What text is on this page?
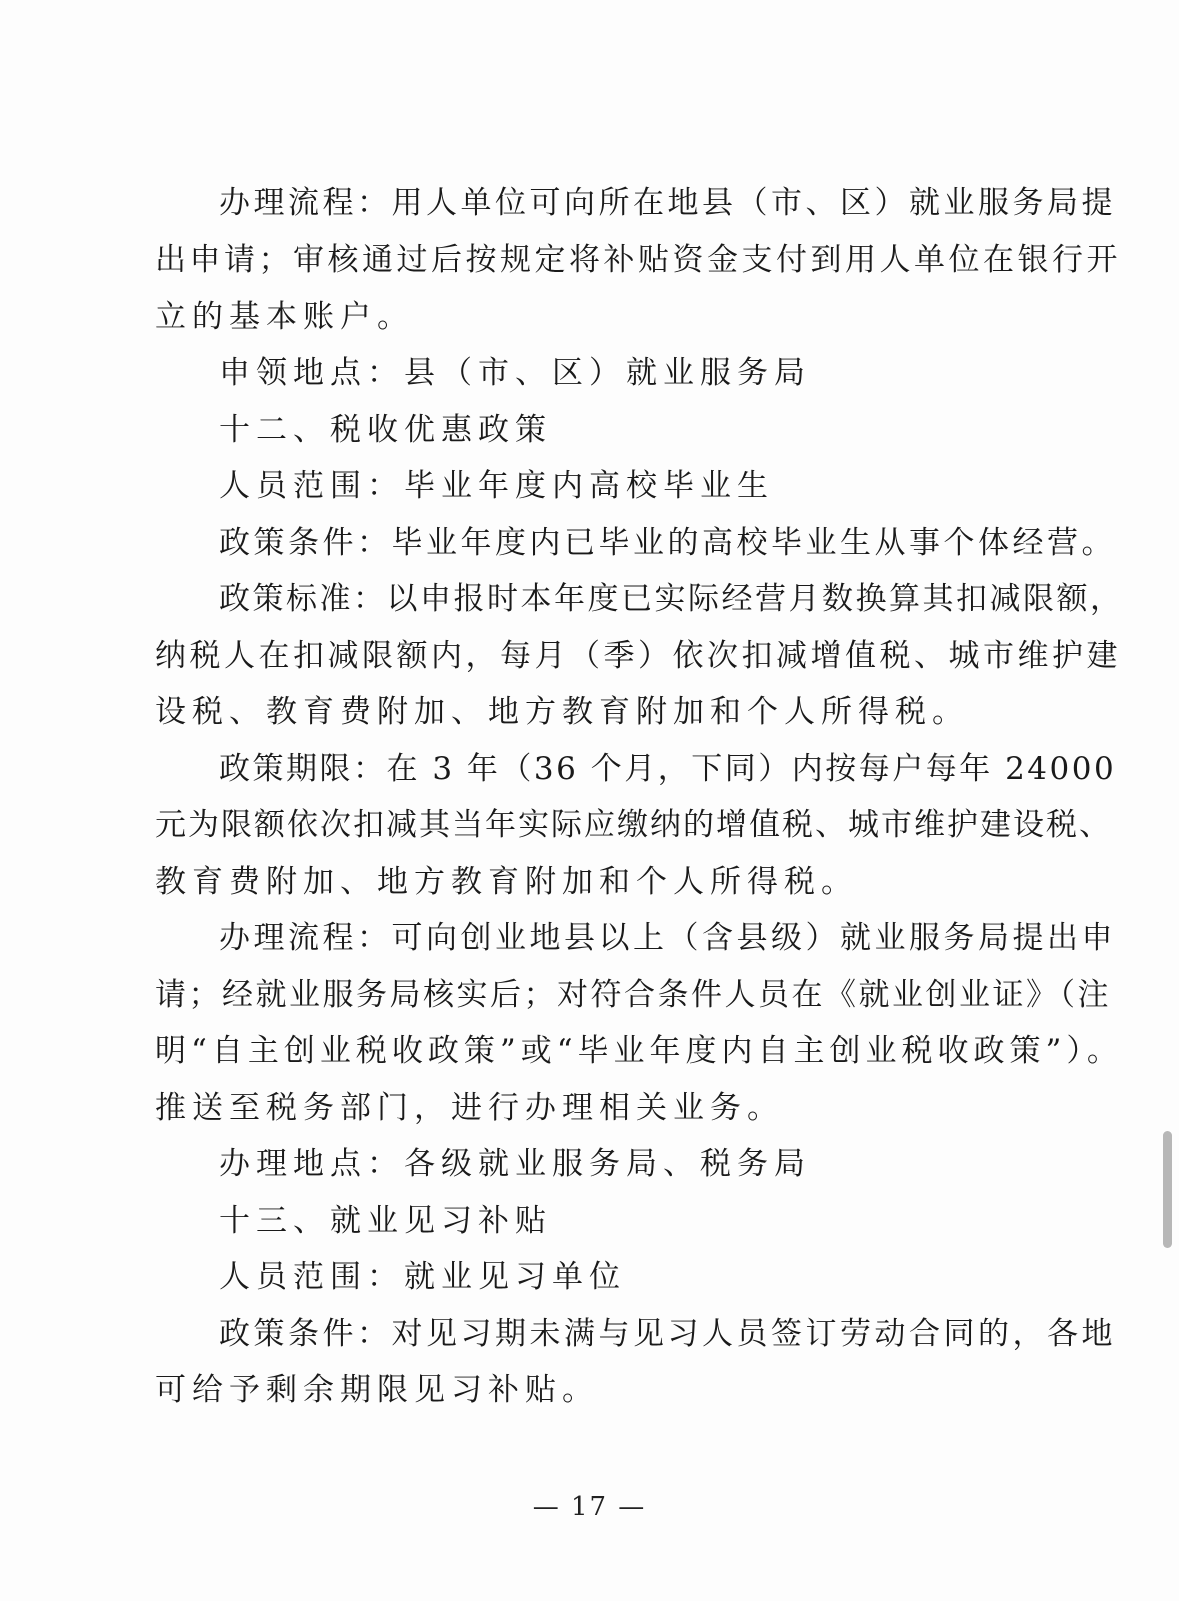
办理流程：用人单位可向所在地县（市、区）就业服务局提
出申请；审核通过后按规定将补贴资金支付到用人单位在银行开
立的基本账户。
申领地点：县（市、区）就业服务局
十二、税收优惠政策
人员范围：毕业年度内高校毕业生
政策条件：毕业年度内已毕业的高校毕业生从事个体经营。
政策标准：以申报时本年度已实际经营月数换算其扣减限额，
纳税人在扣减限额内，每月（季）依次扣减增值税、城市维护建
设税、教育费附加、地方教育附加和个人所得税。
政策期限：在 3 年（36 个月，下同）内按每户每年 24000
元为限额依次扣减其当年实际应缴纳的增值税、城市维护建设税、
教育费附加、地方教育附加和个人所得税。
办理流程：可向创业地县以上（含县级）就业服务局提出申
请；经就业服务局核实后；对符合条件人员在《就业创业证》（注
明“自主创业税收政策”或“毕业年度内自主创业税收政策”）。
推送至税务部门，进行办理相关业务。
办理地点：各级就业服务局、税务局
十三、就业见习补贴
人员范围：就业见习单位
政策条件：对见习期未满与见习人员签订劳动合同的，各地
可给予剩余期限见习补贴。
— 17 —
